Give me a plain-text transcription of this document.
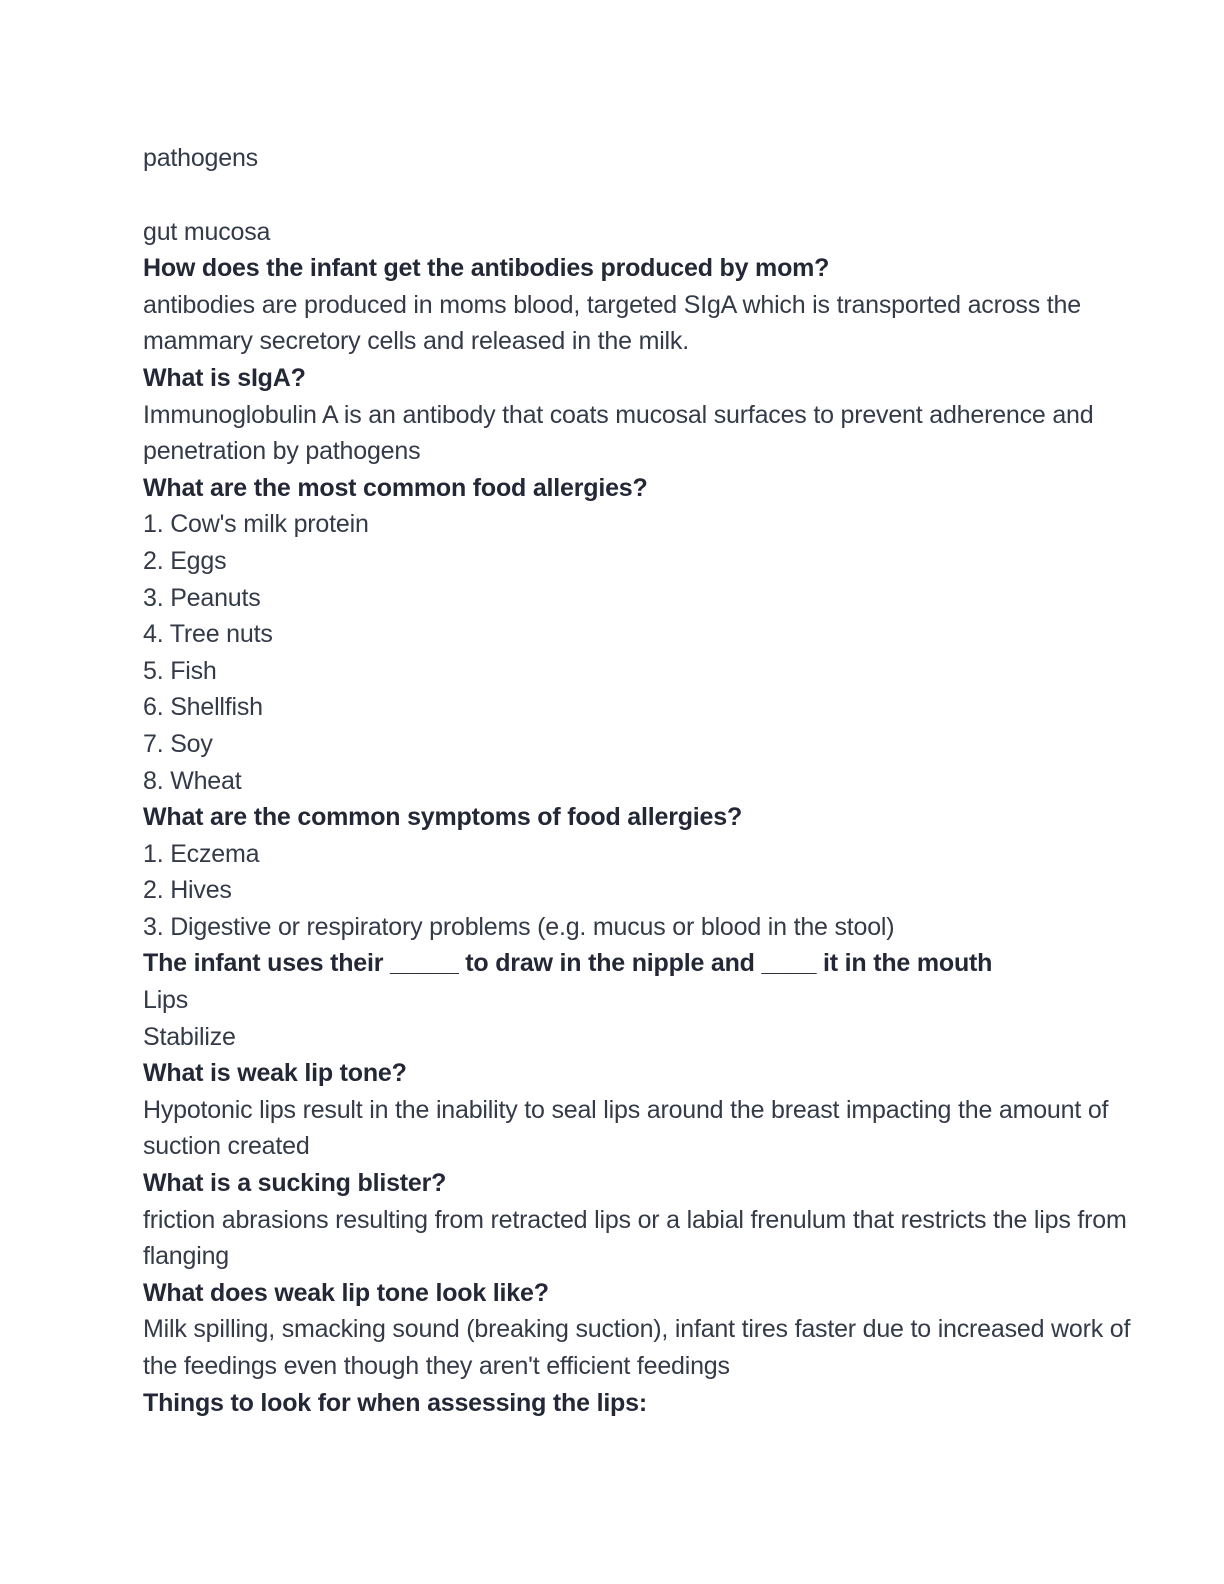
pathogens
gut mucosa
How does the infant get the antibodies produced by mom?
antibodies are produced in moms blood, targeted SIgA which is transported across the
mammary secretory cells and released in the milk.
What is sIgA?
Immunoglobulin A is an antibody that coats mucosal surfaces to prevent adherence and
penetration by pathogens
What are the most common food allergies?
1. Cow's milk protein
2. Eggs
3. Peanuts
4. Tree nuts
5. Fish
6. Shellfish
7. Soy
8. Wheat
What are the common symptoms of food allergies?
1. Eczema
2. Hives
3. Digestive or respiratory problems (e.g. mucus or blood in the stool)
The infant uses their _____ to draw in the nipple and ____ it in the mouth
Lips
Stabilize
What is weak lip tone?
Hypotonic lips result in the inability to seal lips around the breast impacting the amount of
suction created
What is a sucking blister?
friction abrasions resulting from retracted lips or a labial frenulum that restricts the lips from
flanging
What does weak lip tone look like?
Milk spilling, smacking sound (breaking suction), infant tires faster due to increased work of
the feedings even though they aren't efficient feedings
Things to look for when assessing the lips:
